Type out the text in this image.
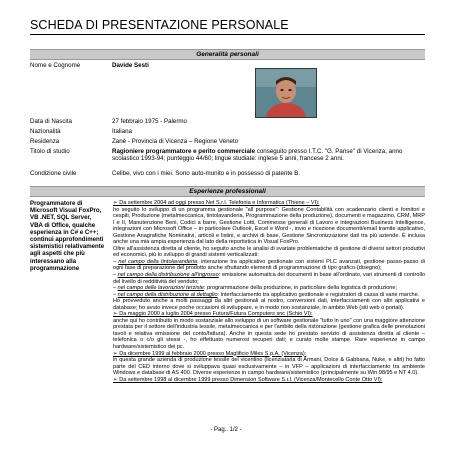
SCHEDA DI PRESENTAZIONE PERSONALE
Generalità personali
Nome e Cognome	Davide Sesti
Data di Nascita	27 febbraio 1975 - Palermo
Nazionalità	Italiana
Residenza	Zanè - Provincia di Vicenza – Regione Veneto
Titolo di studio	Ragioniere programmatore e perito commerciale conseguito presso I.T.C. "G. Parise" di Vicenza, anno scolastico 1993-94; punteggio 44/60; lingue studiate: inglese 5 anni, francese 2 anni.
Condizione civile	Celibe, vivo con i miei. Sono auto-munito e in possesso di patente B.
Esperienze professionali
Programmatore di Microsoft Visual FoxPro, VB .NET, SQL Server, VBA di Office, qualche esperienza in C# e C++; continui approfondimenti sistemistici relativamente agli aspetti che più interessano alla programmazione

➢ Da settembre 2004 ad oggi presso Net S.r.l. Telefonia e Informatica (Thiene – VI):

ho seguito lo sviluppo di un programma gestionale "all purpose": Gestione Contabilità con scadenzario clienti e fornitori e cespiti, Produzione (metalmeccanica, tintolavanderia, Programmazione della produzione), documenti e magazzino, CRM, MRP I e II, Manutenzione Beni, Codici a barre, Gestione Lotti, Commesse generali di Lavoro e integrazioni Business Intelligence, integrazioni con Microsoft Office – in particolare Outlook, Excel e Word -, invio e ricezione documenti/email tramite applicativo, Gestione Anagrafiche Nominativi, articoli e listini, e archivi di base, Gestione Sincronizzazione dati tra più aziende. È inclusa anche una mia ampia esperienza dal lato della reportistica in Visual FoxPro.

Oltre all'assistenza diretta al cliente, ho seguito anche le analisi di svariate problematiche di gestione di diversi settori produttivi ed economici, più lo sviluppo di grandi sistemi verticalizzati:

– nel campo della tintolavanderia: interazione tra applicativo gestionale con sistemi PLC avanzati, gestione passo-passo di ogni fase di preparazione del prodotto anche sfruttando elementi di programmazione di tipo grafico-(disegno);

– nel campo della distribuzione all'ingrosso: emissione automatica dei documenti in base all'ordinato, vari strumenti di controllo del livello di redditività del venduto;

– nel campo delle lavorazioni terziste: programmazione della produzione, in particolare della logistica di produzione;

– nel campo della distribuzione al dettaglio: interfacciamento tra applicativo gestionale e registratori di cassa di varie marche.

Ho provveduto anche a molti passaggi da altri gestionali al nostro, conversioni dati, interfacciamenti con altri applicativi e database; ho avuto invece poche occasioni di sviluppare, e in modo non sostanziale, in ambito Web (siti web o portali).

➢ Da maggio 2000 a luglio 2004 presso Futura/Futura Computers snc (Schio VI):

anche qui ho contribuito in modo sostanziale allo sviluppo di un software gestionale "tutto in uno" con una maggiore attenzione prestata per il settore dell'industria tessile, metalmeccanica e per l'ambito della ristorazione (gestione grafica delle prenotazioni tavoli e relativa emissione del conto/fattura). Anche in questa sede ho prestato servizio di assistenza diretta al cliente – telefonica o c/o gli stessi -, ho effettuato numerosi recuperi dati; e curato molte stampe. Rare esperienze in campo hardware/sistemistico dei pc.

➢ Da dicembre 1999 al febbraio 2000 presso Maglificio Miles S.p.A. (Vicenza):

in questa grande azienda di produzione tessile del vicentino (licenziataria di Armani, Dolce & Gabbana, Nuke, e altri) ho fatto parte del CED interno dove si sviluppava quasi esclusivamente – in VFP – applicazioni di interfacciamento tra ambiente Windows e database di AS 400. Diverse esperienze in campo hardware/sistemistico (principalmente su Win 98/95 e NT 4.0).

➢ Da settembre 1998 al dicembre 1999 presso Dimension Software S.r.l. (Vicenza/Montecello Conte Otto VI):

- Pag.. 1/2 -
